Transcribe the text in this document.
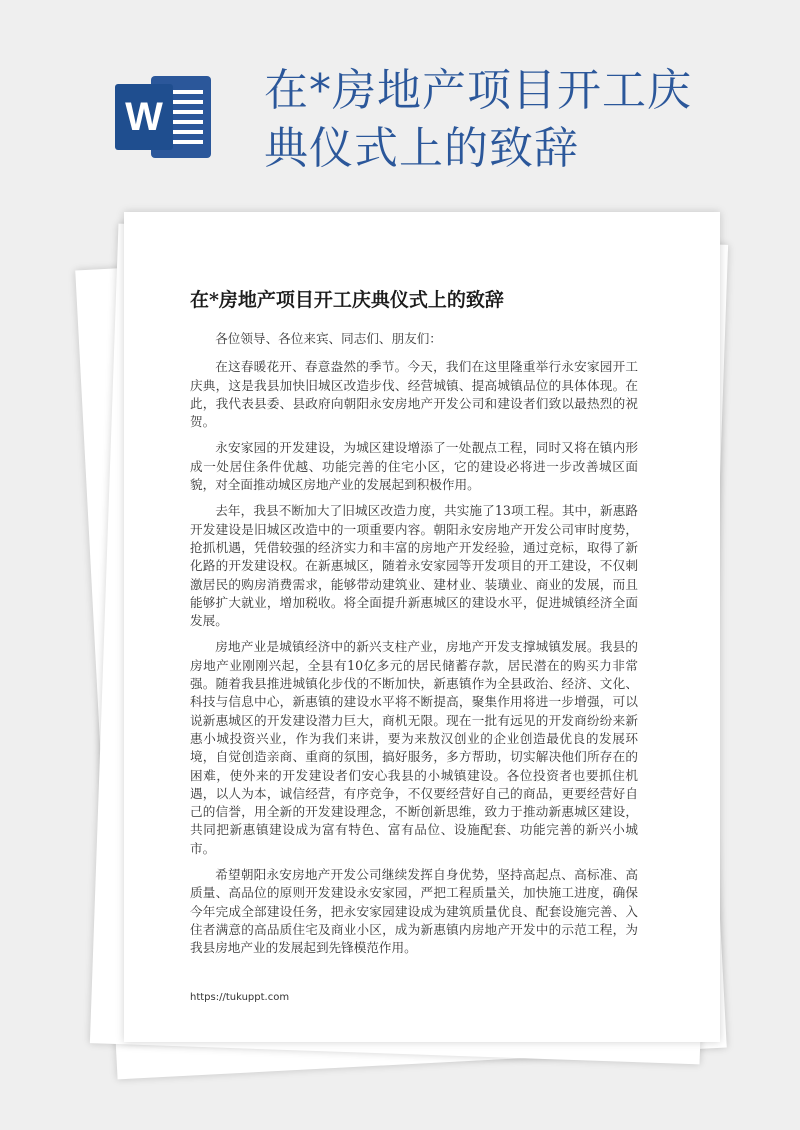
W
在*房地产项目开工庆
典仪式上的致辞
在*房地产项目开工庆典仪式上的致辞

各位领导、各位来宾、同志们、朋友们：

在这春暖花开、春意盎然的季节。今天，我们在这里隆重举行永安家园开工庆典，这是我县加快旧城区改造步伐、经营城镇、提高城镇品位的具体体现。在此，我代表县委、县政府向朝阳永安房地产开发公司和建设者们致以最热烈的祝贺。

永安家园的开发建设，为城区建设增添了一处靓点工程，同时又将在镇内形成一处居住条件优越、功能完善的住宅小区，它的建设必将进一步改善城区面貌，对全面推动城区房地产业的发展起到积极作用。

去年，我县不断加大了旧城区改造力度，共实施了13项工程。其中，新惠路开发建设是旧城区改造中的一项重要内容。朝阳永安房地产开发公司审时度势，抢抓机遇，凭借较强的经济实力和丰富的房地产开发经验，通过竞标，取得了新化路的开发建设权。在新惠城区，随着永安家园等开发项目的开工建设，不仅刺激居民的购房消费需求，能够带动建筑业、建材业、装璜业、商业的发展，而且能够扩大就业，增加税收。将全面提升新惠城区的建设水平，促进城镇经济全面发展。

房地产业是城镇经济中的新兴支柱产业，房地产开发支撑城镇发展。我县的房地产业刚刚兴起，全县有10亿多元的居民储蓄存款，居民潜在的购买力非常强。随着我县推进城镇化步伐的不断加快，新惠镇作为全县政治、经济、文化、科技与信息中心，新惠镇的建设水平将不断提高，聚集作用将进一步增强，可以说新惠城区的开发建设潜力巨大，商机无限。现在一批有远见的开发商纷纷来新惠小城投资兴业，作为我们来讲，要为来敖汉创业的企业创造最优良的发展环境，自觉创造亲商、重商的氛围，搞好服务，多方帮助，切实解决他们所存在的困难，使外来的开发建设者们安心我县的小城镇建设。各位投资者也要抓住机遇，以人为本，诚信经营，有序竞争，不仅要经营好自己的商品，更要经营好自己的信誉，用全新的开发建设理念，不断创新思维，致力于推动新惠城区建设，共同把新惠镇建设成为富有特色、富有品位、设施配套、功能完善的新兴小城市。

希望朝阳永安房地产开发公司继续发挥自身优势，坚持高起点、高标准、高质量、高品位的原则开发建设永安家园，严把工程质量关，加快施工进度，确保今年完成全部建设任务，把永安家园建设成为建筑质量优良、配套设施完善、入住者满意的高品质住宅及商业小区，成为新惠镇内房地产开发中的示范工程，为我县房地产业的发展起到先锋模范作用。

https://tukuppt.com
